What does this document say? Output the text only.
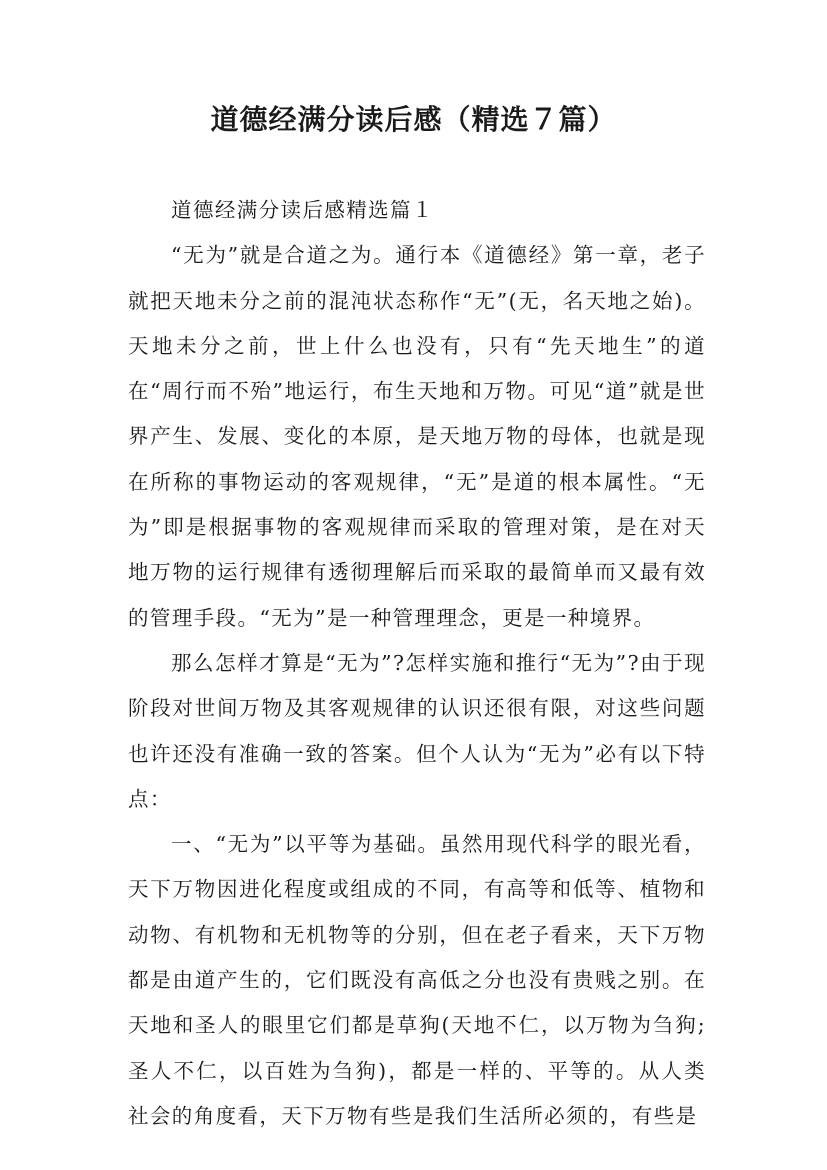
道德经满分读后感（精选７篇）

道德经满分读后感精选篇１

“无为”就是合道之为。通行本《道德经》第一章，老子就把天地未分之前的混沌状态称作“无”(无，名天地之始)。天地未分之前，世上什么也没有，只有“先天地生”的道在“周行而不殆”地运行，布生天地和万物。可见“道”就是世界产生、发展、变化的本原，是天地万物的母体，也就是现在所称的事物运动的客观规律，“无”是道的根本属性。“无为”即是根据事物的客观规律而采取的管理对策，是在对天地万物的运行规律有透彻理解后而采取的最简单而又最有效的管理手段。“无为”是一种管理理念，更是一种境界。

那么怎样才算是“无为”?怎样实施和推行“无为”?由于现阶段对世间万物及其客观规律的认识还很有限，对这些问题也许还没有准确一致的答案。但个人认为“无为”必有以下特点：

一、“无为”以平等为基础。虽然用现代科学的眼光看，天下万物因进化程度或组成的不同，有高等和低等、植物和动物、有机物和无机物等的分别，但在老子看来，天下万物都是由道产生的，它们既没有高低之分也没有贵贱之别。在天地和圣人的眼里它们都是草狗(天地不仁，以万物为刍狗;圣人不仁，以百姓为刍狗)，都是一样的、平等的。从人类社会的角度看，天下万物有些是我们生活所必须的，有些是
